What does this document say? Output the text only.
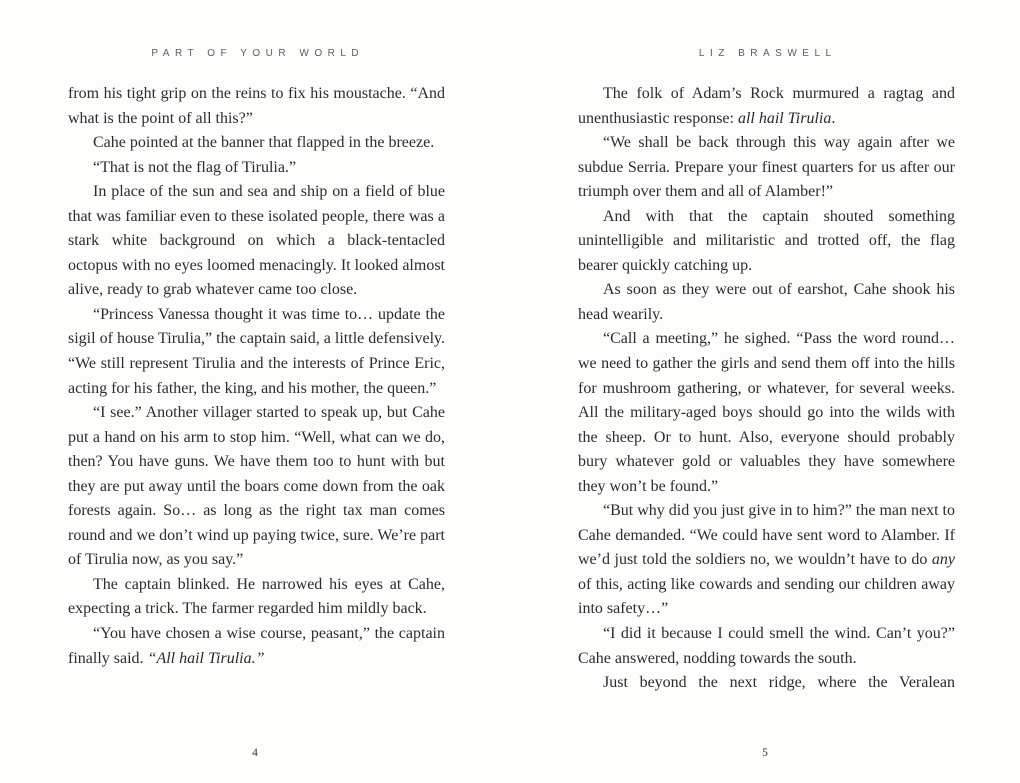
PART OF YOUR WORLD

from his tight grip on the reins to fix his moustache. “And what is the point of all this?”

Cahe pointed at the banner that flapped in the breeze.

“That is not the flag of Tirulia.”

In place of the sun and sea and ship on a field of blue that was familiar even to these isolated people, there was a stark white background on which a black-tentacled octopus with no eyes loomed menacingly. It looked almost alive, ready to grab whatever came too close.

“Princess Vanessa thought it was time to… update the sigil of house Tirulia,” the captain said, a little defensively. “We still represent Tirulia and the interests of Prince Eric, acting for his father, the king, and his mother, the queen.”

“I see.” Another villager started to speak up, but Cahe put a hand on his arm to stop him. “Well, what can we do, then? You have guns. We have them too to hunt with but they are put away until the boars come down from the oak forests again. So… as long as the right tax man comes round and we don’t wind up paying twice, sure. We’re part of Tirulia now, as you say.”

The captain blinked. He narrowed his eyes at Cahe, expecting a trick. The farmer regarded him mildly back.

“You have chosen a wise course, peasant,” the captain finally said. “All hail Tirulia.”

4
LIZ BRASWELL

The folk of Adam’s Rock murmured a ragtag and unenthusiastic response: all hail Tirulia.

“We shall be back through this way again after we subdue Serria. Prepare your finest quarters for us after our triumph over them and all of Alamber!”

And with that the captain shouted something unintelligible and militaristic and trotted off, the flag bearer quickly catching up.

As soon as they were out of earshot, Cahe shook his head wearily.

“Call a meeting,” he sighed. “Pass the word round… we need to gather the girls and send them off into the hills for mushroom gathering, or whatever, for several weeks. All the military-aged boys should go into the wilds with the sheep. Or to hunt. Also, everyone should probably bury whatever gold or valuables they have somewhere they won’t be found.”

“But why did you just give in to him?” the man next to Cahe demanded. “We could have sent word to Alamber. If we’d just told the soldiers no, we wouldn’t have to do any of this, acting like cowards and sending our children away into safety…”

“I did it because I could smell the wind. Can’t you?” Cahe answered, nodding towards the south.

Just beyond the next ridge, where the Veralean

5
